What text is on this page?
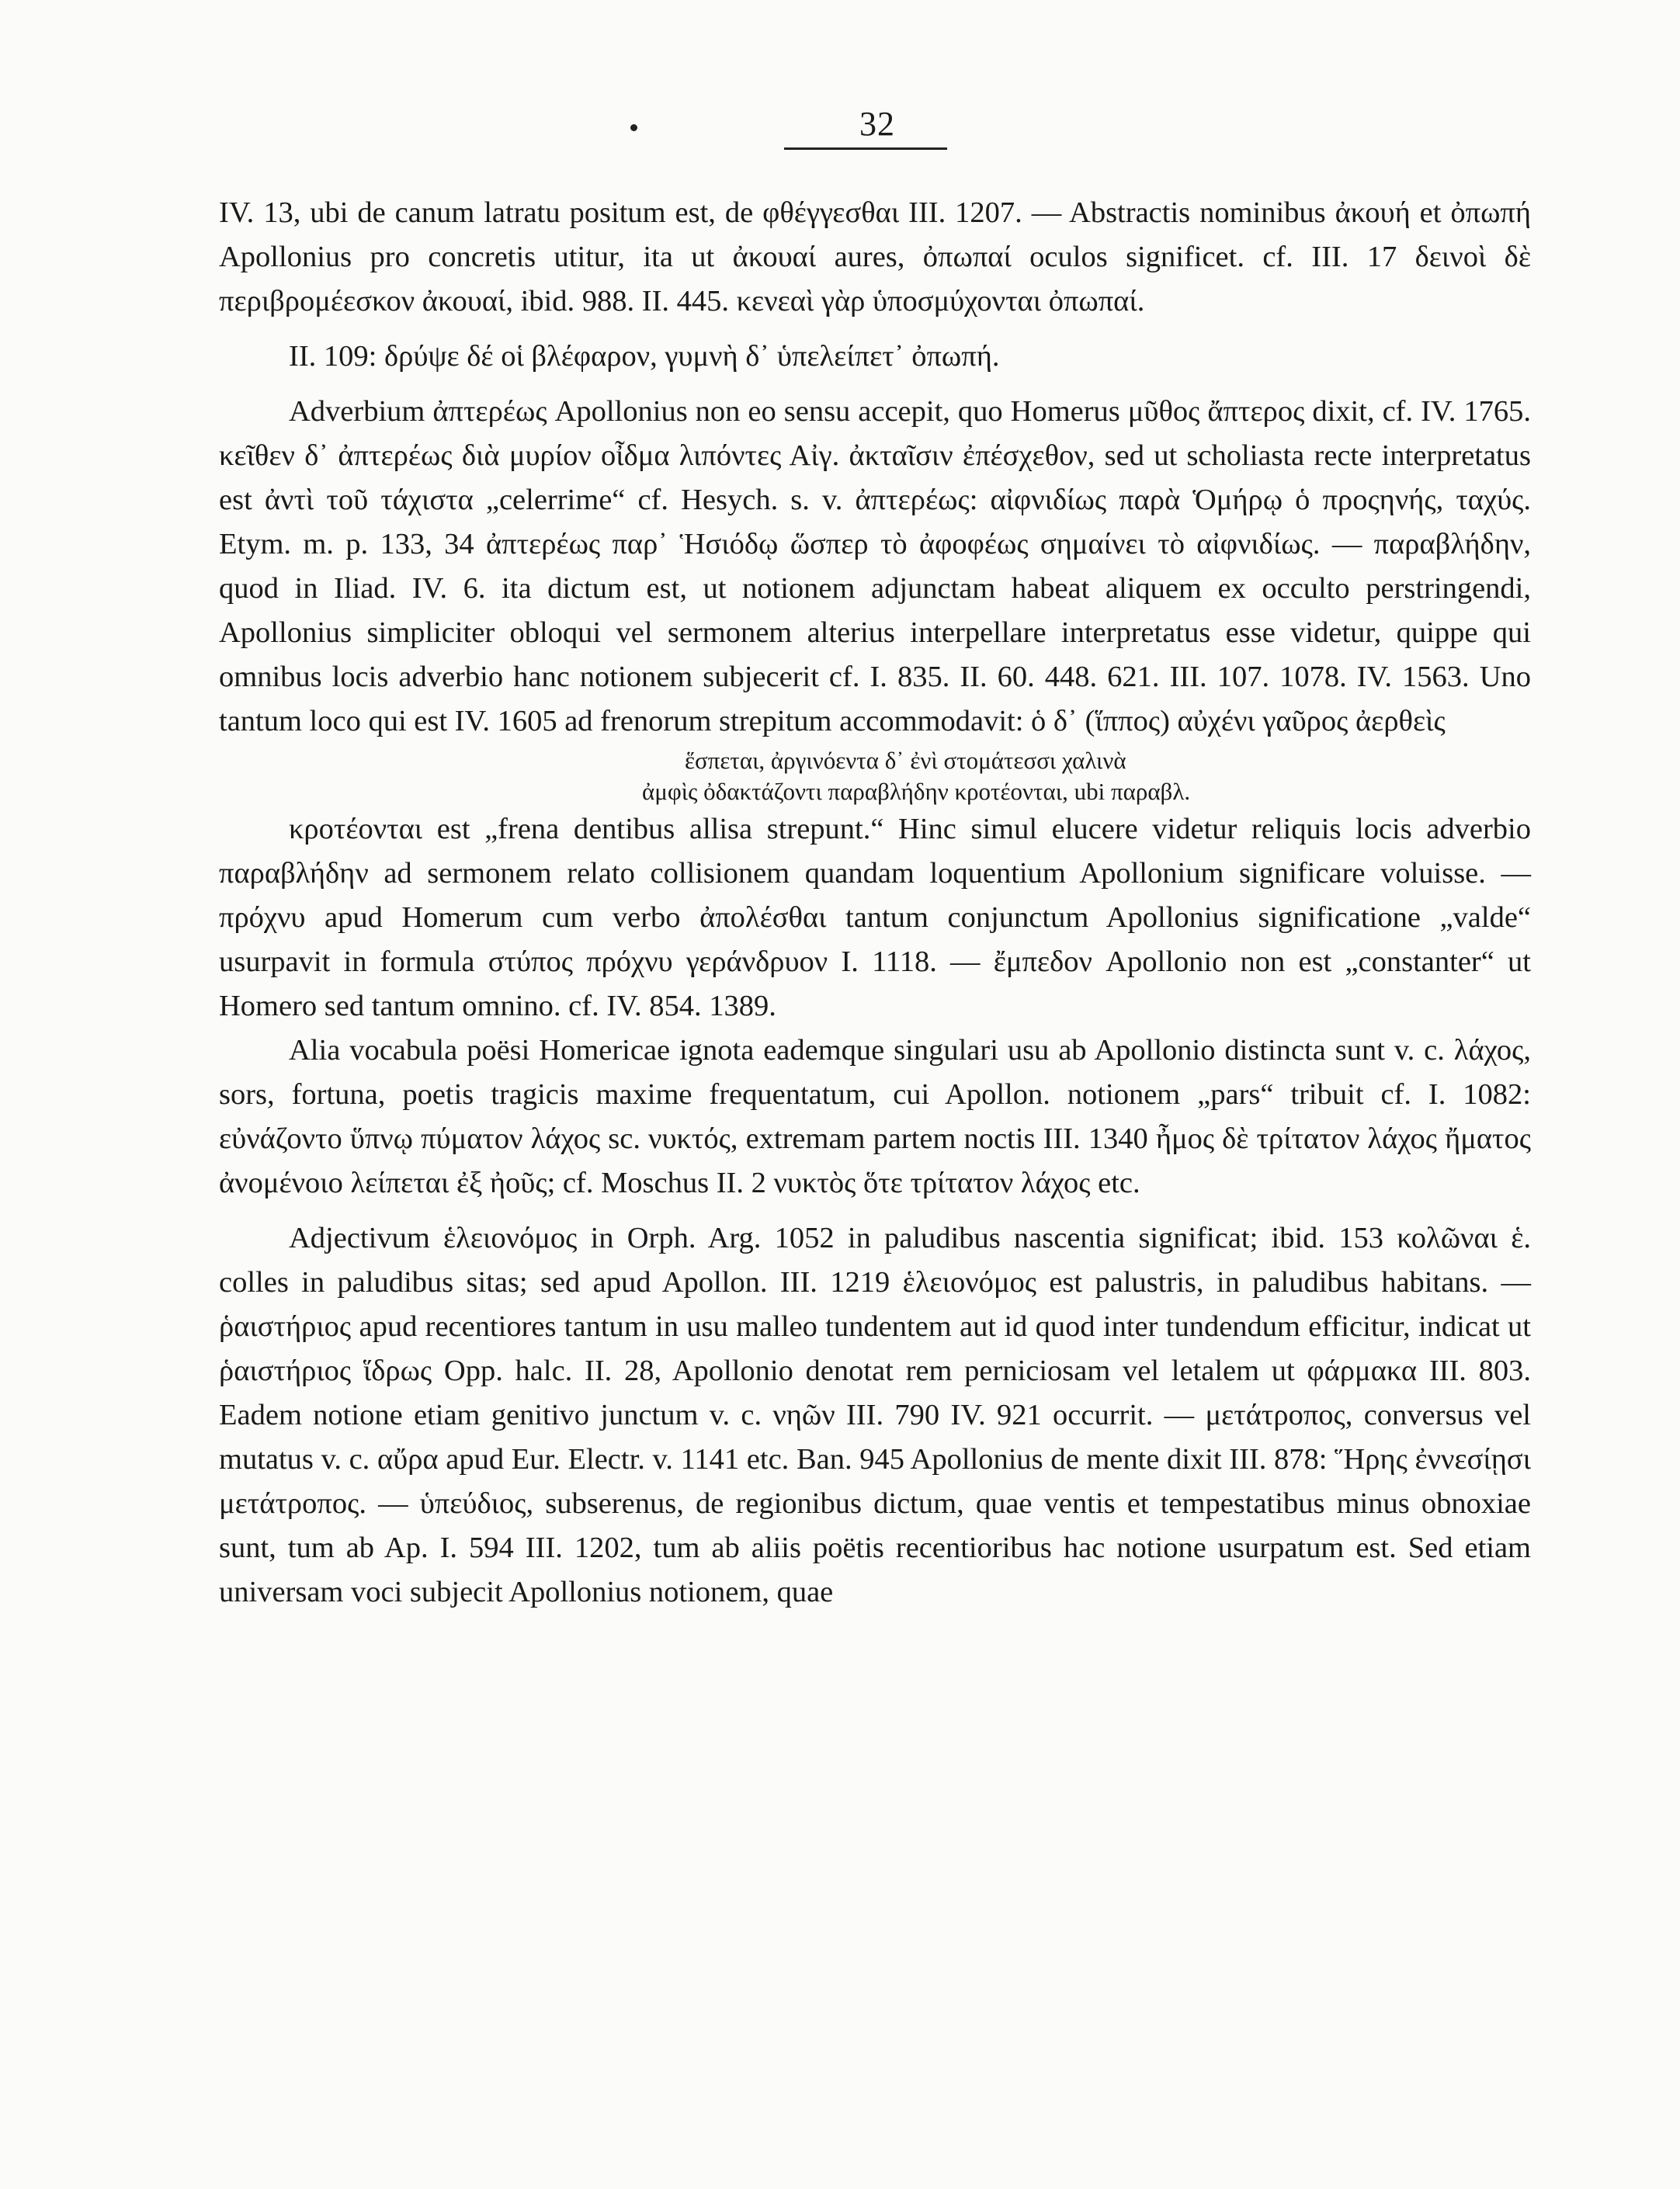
32

IV. 13, ubi de canum latratu positum est, de φθέγγεσθαι III. 1207. — Abstractis nominibus ἀκουή et ὀπωπή Apollonius pro concretis utitur, ita ut ἀκουαί aures, ὀπωπαί oculos significet. cf. III. 17 δεινοὶ δὲ περιβρομέεσκον ἀκουαί, ibid. 988. II. 445. κενεαὶ γὰρ ὑποσμύχονται ὀπωπαί.

II. 109: δρύψε δέ οἱ βλέφαρον, γυμνὴ δ᾽ ὑπελείπετ᾽ ὀπωπή.

Adverbium ἀπτερέως Apollonius non eo sensu accepit, quo Homerus μῦθος ἄπτερος dixit, cf. IV. 1765. κεῖθεν δ᾽ ἀπτερέως διὰ μυρίον οἶδμα λιπόντες Αἰγ. ἀκταῖσιν ἐπέσχεθον, sed ut scholiasta recte interpretatus est ἀντὶ τοῦ τάχιστα „celerrime“ cf. Hesych. s. v. ἀπτερέως: αἰφνιδίως παρὰ Ὁμήρῳ ὁ προςηνής, ταχύς. Etym. m. p. 133, 34 ἀπτερέως παρ᾽ Ἡσιόδῳ ὥσπερ τὸ ἀφοφέως σημαίνει τὸ αἰφνιδίως. — παραβλήδην, quod in Iliad. IV. 6. ita dictum est, ut notionem adjunctam habeat aliquem ex occulto perstringendi, Apollonius simpliciter obloqui vel sermonem alterius interpellare interpretatus esse videtur, quippe qui omnibus locis adverbio hanc notionem subjecerit cf. I. 835. II. 60. 448. 621. III. 107. 1078. IV. 1563. Uno tantum loco qui est IV. 1605 ad frenorum strepitum accommodavit: ὁ δ᾽ (ἵππος) αὐχένι γαῦρος ἀερθεὶς

ἕσπεται, ἀργινόεντα δ᾽ ἐνὶ στομάτεσσι χαλινὰ
ἀμφὶς ὀδακτάζοντι παραβλήδην κροτέονται, ubi παραβλ.

κροτέονται est „frena dentibus allisa strepunt.“ Hinc simul elucere videtur reliquis locis adverbio παραβλήδην ad sermonem relato collisionem quandam loquentium Apollonium significare voluisse. — πρόχνυ apud Homerum cum verbo ἀπολέσθαι tantum conjunctum Apollonius significatione „valde“ usurpavit in formula στύπος πρόχνυ γεράνδρυον I. 1118. — ἔμπεδον Apollonio non est „constanter“ ut Homero sed tantum omnino. cf. IV. 854. 1389.

Alia vocabula poësi Homericae ignota eademque singulari usu ab Apollonio distincta sunt v. c. λάχος, sors, fortuna, poetis tragicis maxime frequentatum, cui Apollon. notionem „pars“ tribuit cf. I. 1082: εὐνάζοντο ὕπνῳ πύματον λάχος sc. νυκτός, extremam partem noctis III. 1340 ἦμος δὲ τρίτατον λάχος ἤματος ἀνομένοιο λείπεται ἐξ ἠοῦς; cf. Moschus II. 2 νυκτὸς ὅτε τρίτατον λάχος etc.

Adjectivum ἑλειονόμος in Orph. Arg. 1052 in paludibus nascentia significat; ibid. 153 κολῶναι ἑ. colles in paludibus sitas; sed apud Apollon. III. 1219 ἑλειονόμος est palustris, in paludibus habitans. — ῥαιστήριος apud recentiores tantum in usu malleo tundentem aut id quod inter tundendum efficitur, indicat ut ῥαιστήριος ἵδρως Opp. halc. II. 28, Apollonio denotat rem perniciosam vel letalem ut φάρμακα III. 803. Eadem notione etiam genitivo junctum v. c. νηῶν III. 790 IV. 921 occurrit. — μετάτροπος, conversus vel mutatus v. c. αὔρα apud Eur. Electr. v. 1141 etc. Ban. 945 Apollonius de mente dixit III. 878: Ἥρης ἐννεσίῃσι μετάτροπος. — ὑπεύδιος, subserenus, de regionibus dictum, quae ventis et tempestatibus minus obnoxiae sunt, tum ab Ap. I. 594 III. 1202, tum ab aliis poëtis recentioribus hac notione usurpatum est. Sed etiam universam voci subjecit Apollonius notionem, quae
